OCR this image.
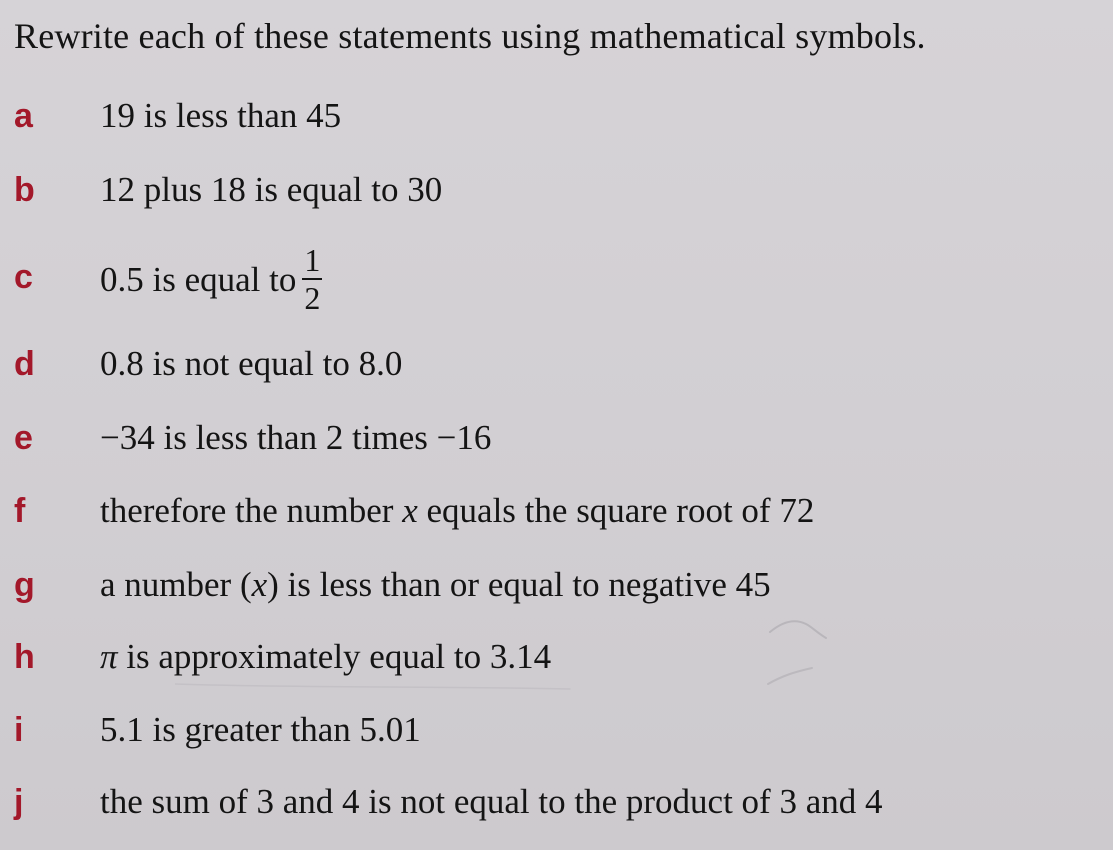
Rewrite each of these statements using mathematical symbols.
a	19 is less than 45
b	12 plus 18 is equal to 30
c	0.5 is equal to $\frac{1}{2}$
d	0.8 is not equal to 8.0
e	−34 is less than 2 times −16
f	therefore the number x equals the square root of 72
g	a number (x) is less than or equal to negative 45
h	π is approximately equal to 3.14
i	5.1 is greater than 5.01
j	the sum of 3 and 4 is not equal to the product of 3 and 4
